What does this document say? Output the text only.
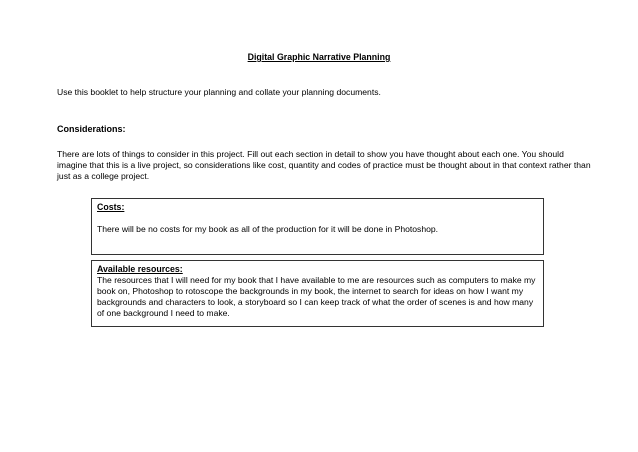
Digital Graphic Narrative Planning
Use this booklet to help structure your planning and collate your planning documents.
Considerations:
There are lots of things to consider in this project. Fill out each section in detail to show you have thought about each one. You should imagine that this is a live project, so considerations like cost, quantity and codes of practice must be thought about in that context rather than just as a college project.
Costs:
There will be no costs for my book as all of the production for it will be done in Photoshop.
Available resources:
The resources that I will need for my book that I have available to me are resources such as computers to make my book on, Photoshop to rotoscope the backgrounds in my book, the internet to search for ideas on how I want my backgrounds and characters to look, a storyboard so I can keep track of what the order of scenes is and how many of one background I need to make.
